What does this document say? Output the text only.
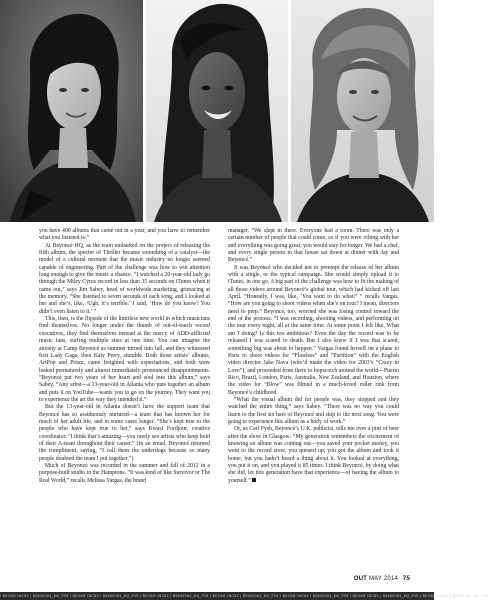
you have 400 albums that came out in a year, and you have to remember what you listened to.”

At Beyoncé HQ, as the team embarked on the project of releasing the fifth album, the specter of Thriller became something of a catalyst—the model of a cultural moment that the music industry no longer seemed capable of engineering. Part of the challenge was how to win attention long enough to give the music a chance. “I watched a 20-year-old lady go through the Miley Cyrus record in less than 35 seconds on iTunes when it came out,” says Jim Sabey, head of worldwide marketing, grimacing at the memory. “She listened to seven seconds of each song, and I looked at her and she’s, like, ‘Ugh, it’s terrible.’ I said, ‘How do you know? You didn’t even listen to it.’ ”

This, then, is the flipside of the limitless new world in which musicians find themselves. No longer under the thumb of out-of-touch record executives, they find themselves instead at the mercy of ADD-afflicted music fans, surfing multiple sites at one time. You can imagine the anxiety at Camp Beyoncé as summer turned into fall, and they witnessed first Lady Gaga, then Katy Perry, stumble. Both those artists’ albums, ArtPop and Prism, came freighted with expectations, and both were leaked prematurely and almost immediately pronounced disappointments. “Beyoncé put two years of her heart and soul into this album,” says Sabey. “Any artist—a 13-year-old in Atlanta who puts together an album and puts it on YouTube—wants you to go on the journey. They want you to experience the art the way they intended it.”

But the 13-year-old in Atlanta doesn’t have the support team that Beyoncé has so assiduously nurtured—a team that has known her for much of her adult life, and in some cases longer. “She’s kept true to the people who have kept true to her,” says Kwasi Fordjour, creative coordinator. “I think that’s amazing—you rarely see artists who keep hold of their A-team throughout their career.” (In an email, Beyoncé returned the compliment, saying, “I call them the underdogs because so many people doubted the team I put together.”)

Much of Beyoncé was recorded in the summer and fall of 2012 in a purpose-built studio in the Hamptons. “It was kind of like Survivor or The Real World,” recalls Melissa Vargas, the brand

manager. “We slept in there. Everyone had a room. There was only a certain number of people that could come, so if you were vibing with her and everything was going great, you would stay for longer. We had a chef, and every single person in that house sat down at dinner with Jay and Beyoncé.”

It was Beyoncé who decided not to preempt the release of her album with a single, or the typical campaign. She would simply upload it to iTunes, in one go. A big part of the challenge was how to fit the making of all those videos around Beyoncé’s global tour, which had kicked off last April. “Honestly, I was, like, ‘You want to do what?’ ” recalls Vargas. “How are you going to shoot videos when she’s on tour? I mean, directors need to prep.” Beyoncé, too, worried she was losing control toward the end of the process. “I was recording, shooting videos, and performing on the tour every night, all at the same time. At some point I felt like, What am I doing? Is this too ambitious? Even the day the record was to be released I was scared to death. But I also knew if I was that scared, something big was about to happen.” Vargas found herself on a plane to Paris to shoot videos for “Flawless” and “Partition” with the English video director Jake Nava (who’d made the video for 2003’s “Crazy in Love”), and proceeded from there to hopscotch around the world—Puerto Rico, Brazil, London, Paris, Australia, New Zealand, and Houston, where the video for “Blow” was filmed in a much-loved roller rink from Beyoncé’s childhood.

“What the visual album did for people was, they stopped and they watched the entire thing,” says Sabey. “There was no way you could listen to the first six bars of Beyoncé and skip to the next song. You were going to experience this album as a body of work.”

Or, as Carl Fysh, Beyoncé’s U.K. publicist, tells me over a pint of beer after the show in Glasgow: “My generation remembers the excitement of knowing an album was coming out—you saved your pocket money, you went to the record store, you queued up, you got the album and took it home, but you hadn’t heard a thing about it. You looked at everything, you put it on, and you played it 85 times. I think Beyoncé, by doing what she did, let this generation have that experience—of having the album to yourself.”

OUT MAY 2014 75
I BEVAR INC84 | B5#00084_M4_F05 I BEVAR INC84 I B5#00084_M4_F05 I BEVAR INC84 | B5#00084_M4_F05 I BEVAR INC84 | B5#00084_M4_F05 I BEVAR INC84 I B5#00084_M4_F05 I BEVAR INC84 | B5#00084_M4_F05 I BEVAR INC84 | B5#00084_M4_F05
